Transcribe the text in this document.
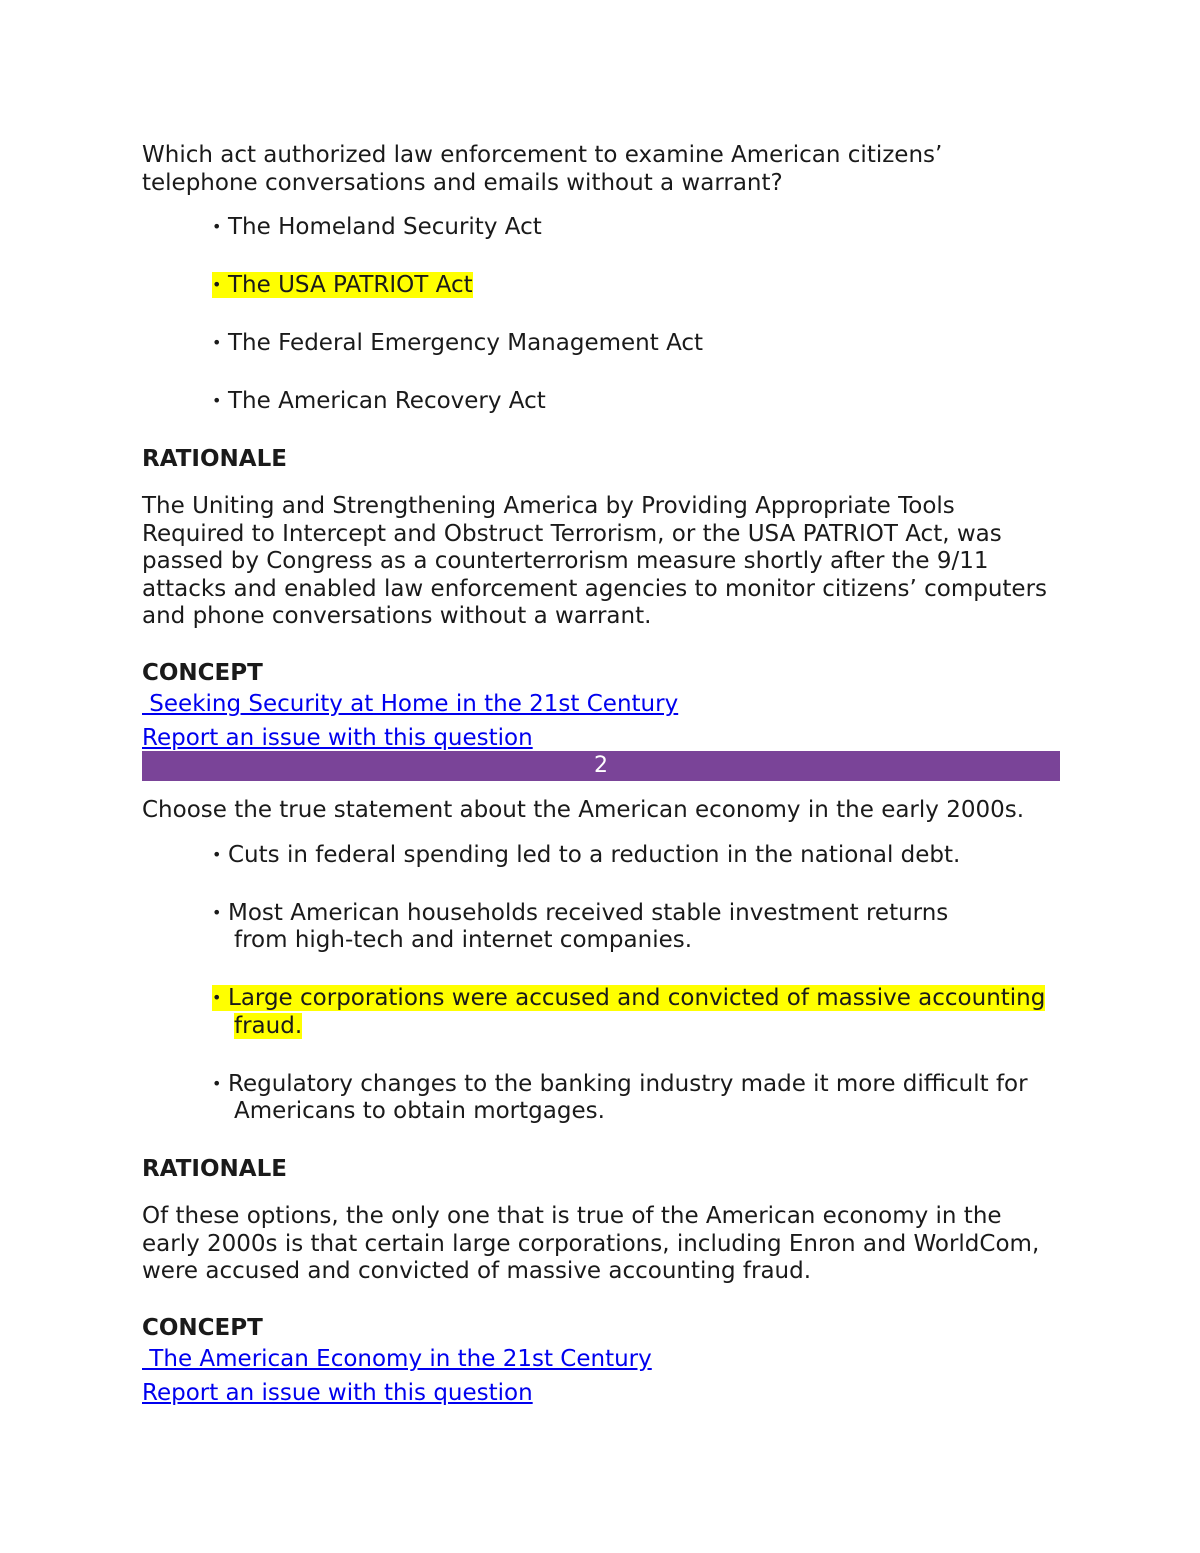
Which act authorized law enforcement to examine American citizens’ telephone conversations and emails without a warrant?

• The Homeland Security Act
• The USA PATRIOT Act
• The Federal Emergency Management Act
• The American Recovery Act

RATIONALE

The Uniting and Strengthening America by Providing Appropriate Tools Required to Intercept and Obstruct Terrorism, or the USA PATRIOT Act, was passed by Congress as a counterterrorism measure shortly after the 9/11 attacks and enabled law enforcement agencies to monitor citizens’ computers and phone conversations without a warrant.

CONCEPT

Seeking Security at Home in the 21st Century
Report an issue with this question
2

Choose the true statement about the American economy in the early 2000s.

• Cuts in federal spending led to a reduction in the national debt.
• Most American households received stable investment returns from high-tech and internet companies.
• Large corporations were accused and convicted of massive accounting fraud.
• Regulatory changes to the banking industry made it more difficult for Americans to obtain mortgages.

RATIONALE

Of these options, the only one that is true of the American economy in the early 2000s is that certain large corporations, including Enron and WorldCom, were accused and convicted of massive accounting fraud.

CONCEPT

The American Economy in the 21st Century
Report an issue with this question
